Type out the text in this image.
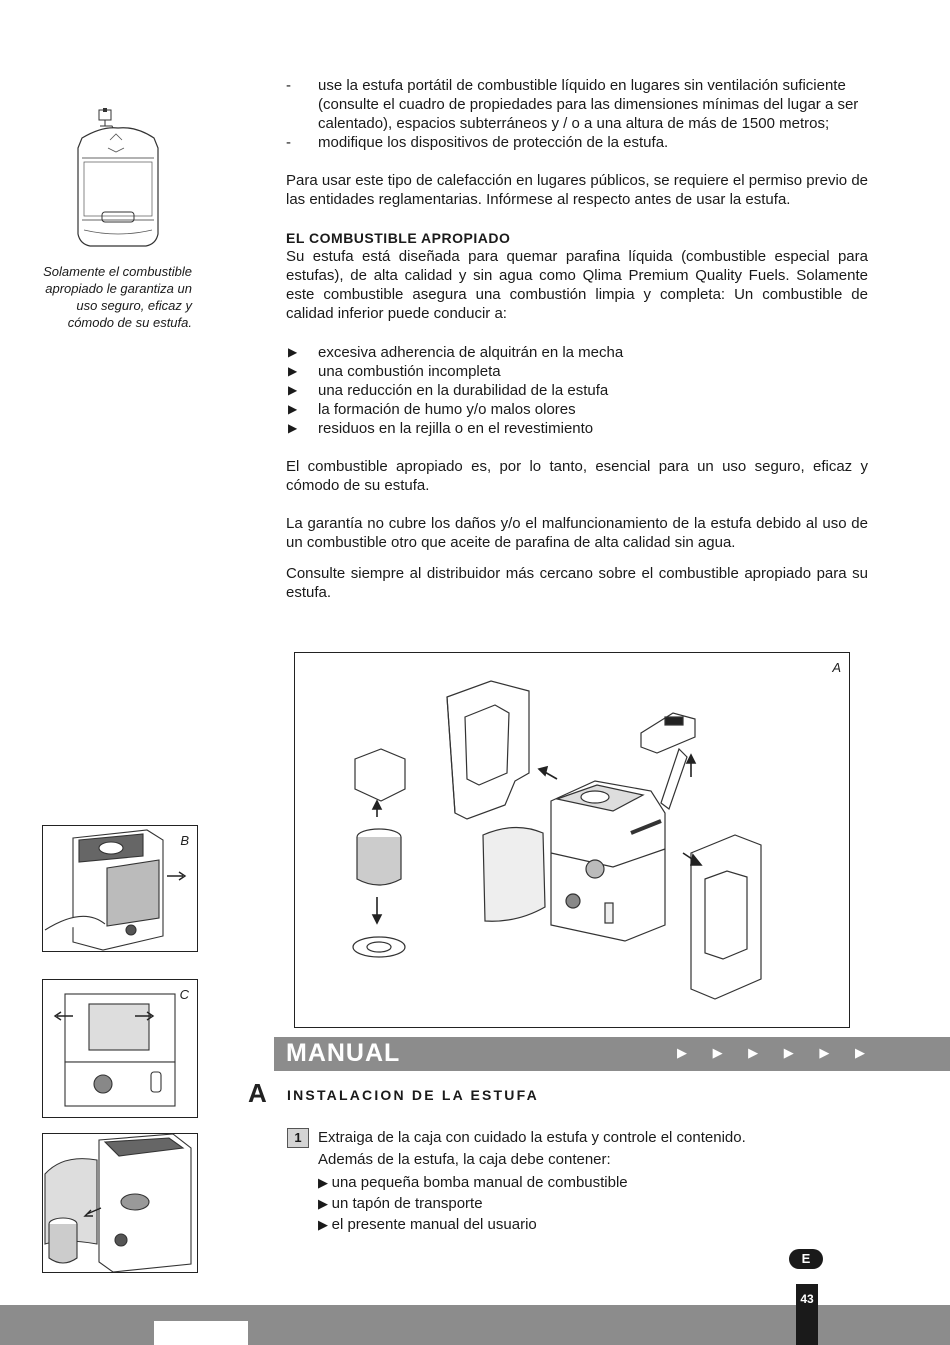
- use la estufa portátil de combustible líquido en lugares sin ventilación suficiente (consulte el cuadro de propiedades para las dimensiones mínimas del lugar a ser calentado), espacios subterráneos y / o a una altura de más de 1500 metros;
- modifique los dispositivos de protección de la estufa.
Para usar este tipo de calefacción en lugares públicos, se requiere el permiso previo de las entidades reglamentarias. Infórmese al respecto antes de usar la estufa.
EL COMBUSTIBLE APROPIADO
Su estufa está diseñada para quemar parafina líquida (combustible especial para estufas), de alta calidad y sin agua como Qlima Premium Quality Fuels. Solamente este combustible asegura una combustión limpia y completa: Un combustible de calidad inferior puede conducir a:
▶ excesiva adherencia de alquitrán en la mecha
▶ una combustión incompleta
▶ una reducción en la durabilidad de la estufa
▶ la formación de humo y/o malos olores
▶ residuos en la rejilla o en el revestimiento
El combustible apropiado es, por lo tanto, esencial para un uso seguro, eficaz y cómodo de su estufa.
La garantía no cubre los daños y/o el malfuncionamiento de la estufa debido al uso de un combustible otro que aceite de parafina de alta calidad sin agua.
Consulte siempre al distribuidor más cercano sobre el combustible apropiado para su estufa.
Solamente el combustible apropiado le garantiza un uso seguro, eficaz y cómodo de su estufa.
A
B
C
MANUAL	▶ ▶ ▶ ▶ ▶ ▶
A INSTALACION DE LA ESTUFA
1	Extraiga de la caja con cuidado la estufa y controle el contenido.
Además de la estufa, la caja debe contener:
▶ una pequeña bomba manual de combustible
▶ un tapón de transporte
▶ el presente manual del usuario
E
43
